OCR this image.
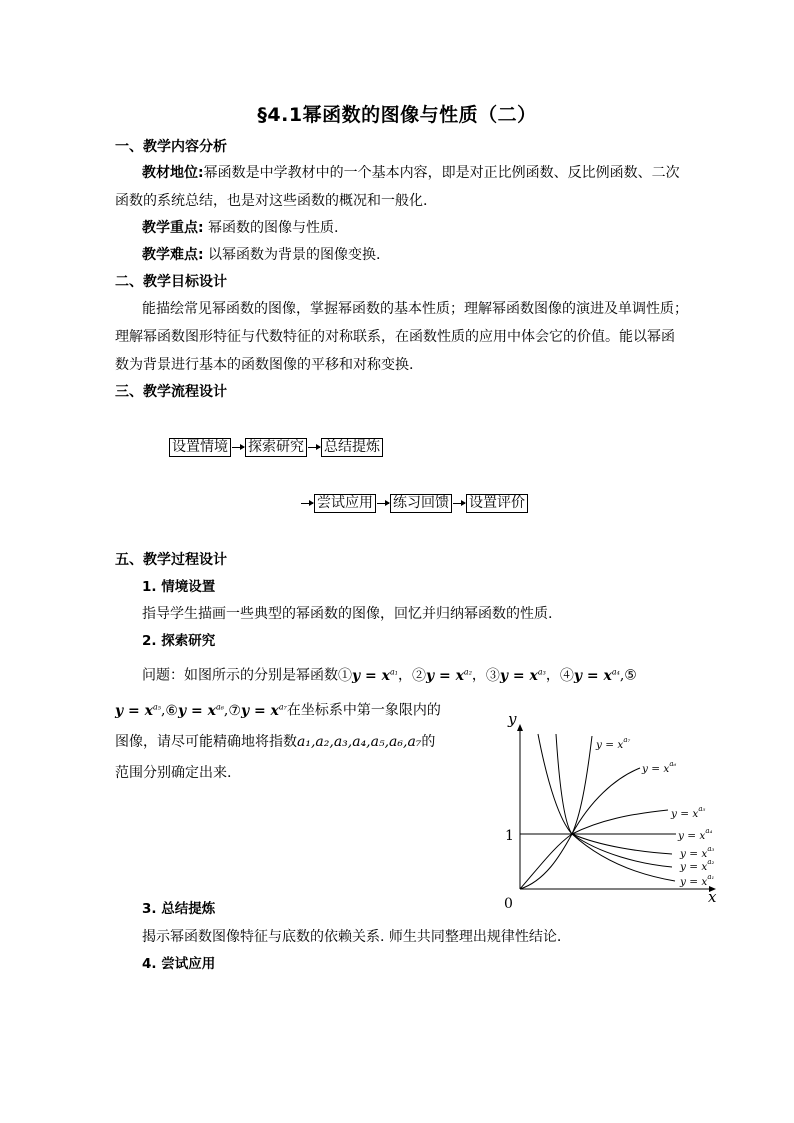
§4.1幂函数的图像与性质（二）
一、教学内容分析
教材地位:幂函数是中学教材中的一个基本内容，即是对正比例函数、反比例函数、二次
函数的系统总结，也是对这些函数的概况和一般化.
教学重点: 幂函数的图像与性质.
教学难点: 以幂函数为背景的图像变换.
二、教学目标设计
能描绘常见幂函数的图像，掌握幂函数的基本性质；理解幂函数图像的演进及单调性质；
理解幂函数图形特征与代数特征的对称联系，在函数性质的应用中体会它的价值。能以幂函
数为背景进行基本的函数图像的平移和对称变换.
三、教学流程设计
设置情境 探索研究 总结提炼
尝试应用 练习回馈 设置评价
五、教学过程设计
1. 情境设置
指导学生描画一些典型的幂函数的图像，回忆并归纳幂函数的性质.
2. 探索研究
问题：如图所示的分别是幂函数①y = $x^{a_1}$，②y = $x^{a_2}$，③y = $x^{a_3}$，④y = $x^{a_4},⑤$
$y = x^{a_5},⑥y$ = $x^{a_6},⑦y = x^{a_7}$在坐标系中第一象限内的
图像，请尽可能精确地将指数a₁,a₂,a₃,a₄,a₅,a₆,a₇的
范围分别确定出来.
3. 总结提炼
揭示幂函数图像特征与底数的依赖关系. 师生共同整理出规律性结论.
4. 尝试应用
y
x
0
1
$y = x^{a_7}$
$y = x^{a_6}$
$y = x^{a_5}$
$y = x^{a_4}$
$y = x^{a_3}$
$y = x^{a_2}$
$y = x^{a_1}$
